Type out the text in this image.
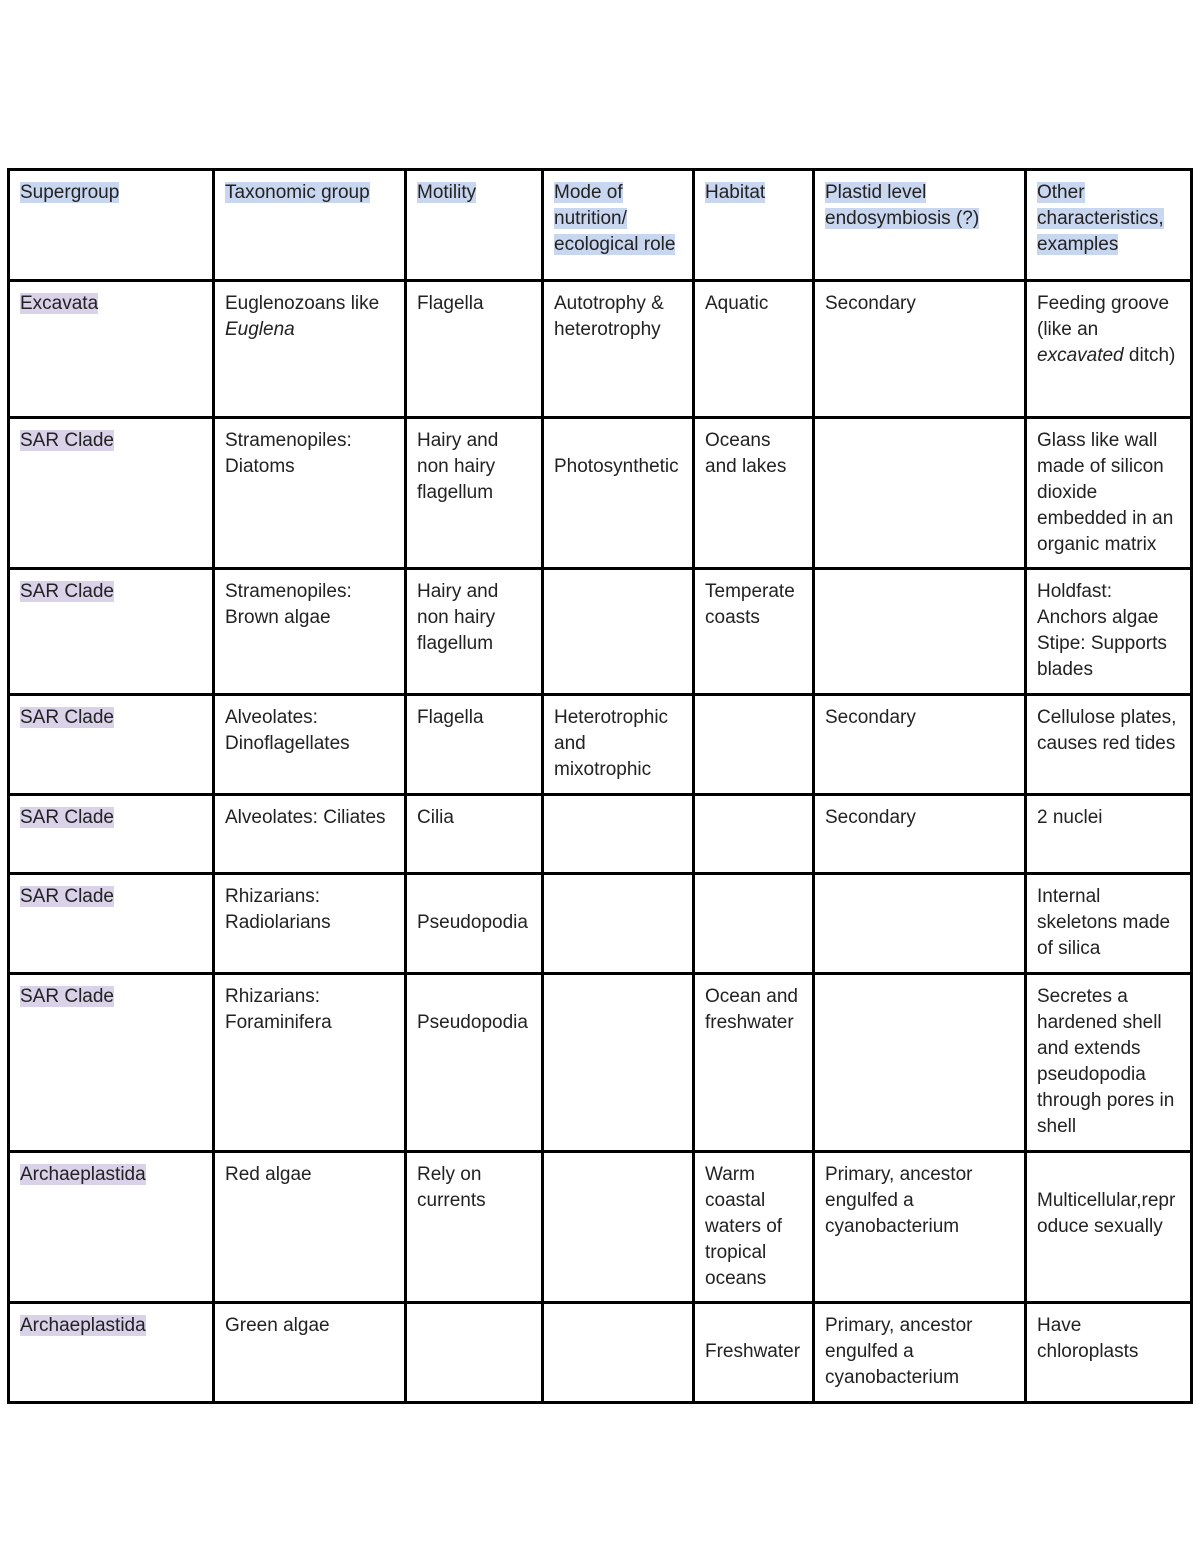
Supergroup	Taxonomic group	Motility	Mode of nutrition/ ecological role	Habitat	Plastid level endosymbiosis (?)	Other characteristics, examples
Excavata	Euglenozoans like Euglena	Flagella	Autotrophy & heterotrophy	Aquatic	Secondary	Feeding groove (like an excavated ditch)
SAR Clade	Stramenopiles: Diatoms	Hairy and non hairy flagellum	Photosynthetic	Oceans and lakes		Glass like wall made of silicon dioxide embedded in an organic matrix
SAR Clade	Stramenopiles: Brown algae	Hairy and non hairy flagellum		Temperate coasts		Holdfast: Anchors algae Stipe: Supports blades
SAR Clade	Alveolates: Dinoflagellates	Flagella	Heterotrophic and mixotrophic		Secondary	Cellulose plates, causes red tides
SAR Clade	Alveolates: Ciliates	Cilia			Secondary	2 nuclei
SAR Clade	Rhizarians: Radiolarians	Pseudopodia				Internal skeletons made of silica
SAR Clade	Rhizarians: Foraminifera	Pseudopodia		Ocean and freshwater		Secretes a hardened shell and extends pseudopodia through pores in shell
Archaeplastida	Red algae	Rely on currents		Warm coastal waters of tropical oceans	Primary, ancestor engulfed a cyanobacterium	Multicellular,reproduce sexually

Archaeplastida	Green algae			Freshwater	Primary, ancestor engulfed a cyanobacterium	Have chloroplasts
